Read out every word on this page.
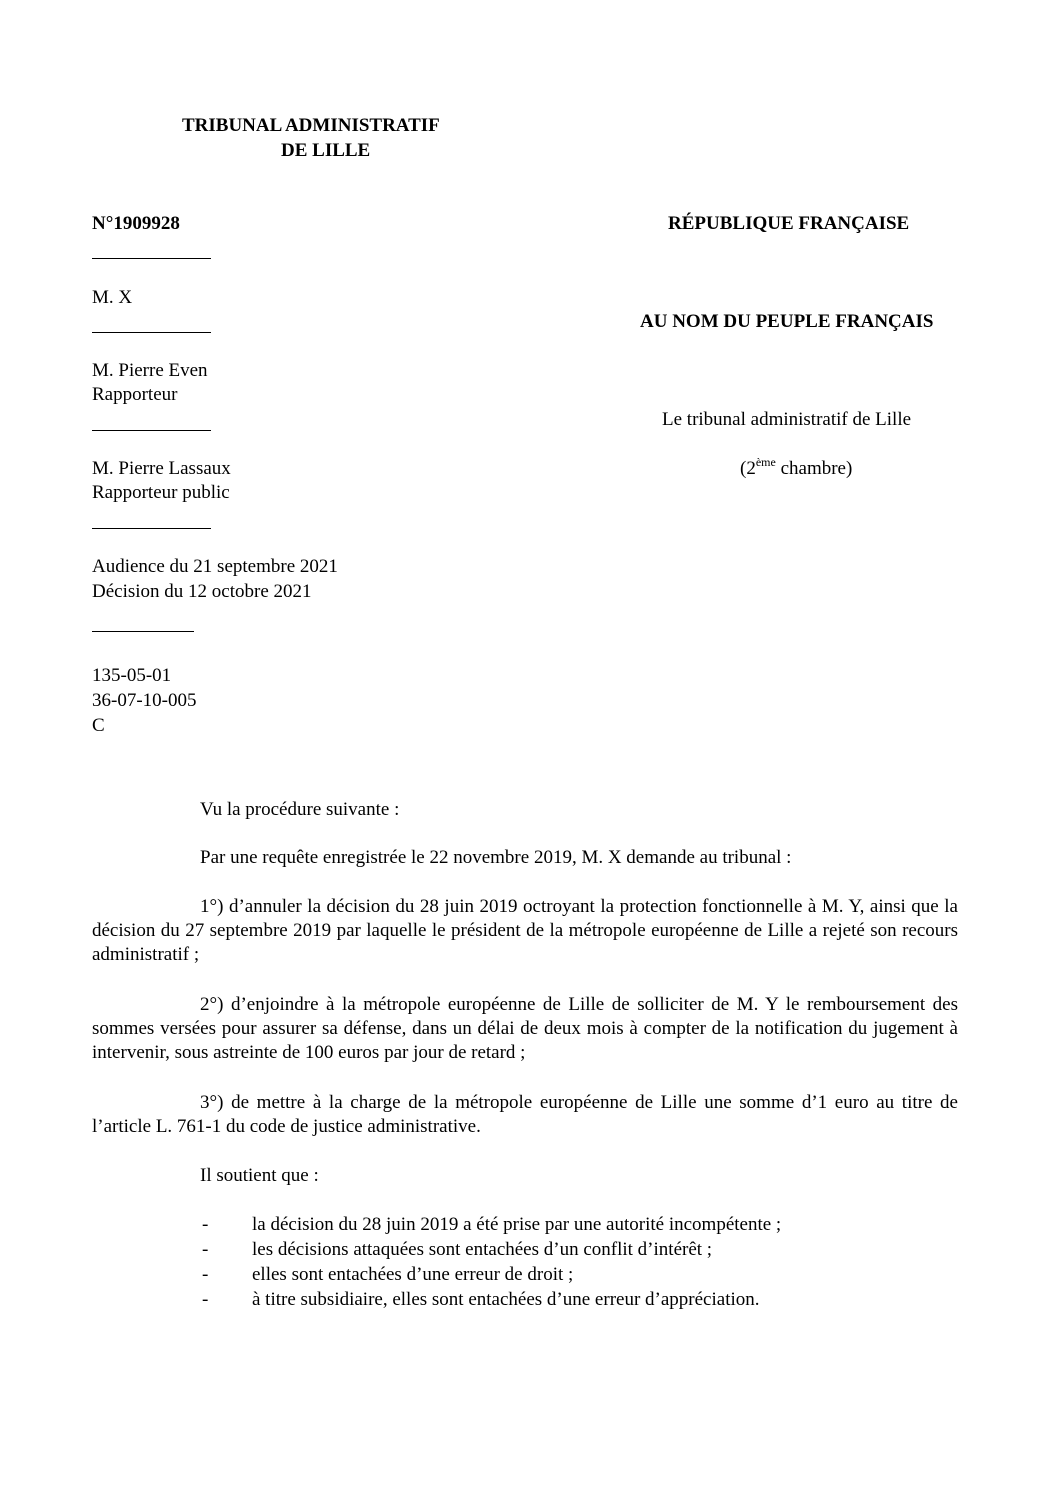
TRIBUNAL ADMINISTRATIF
DE LILLE
N°1909928	RÉPUBLIQUE FRANÇAISE
M. X
AU NOM DU PEUPLE FRANÇAIS
M. Pierre Even
Rapporteur
Le tribunal administratif de Lille
M. Pierre Lassaux
Rapporteur public
(2ème chambre)
Audience du 21 septembre 2021
Décision du 12 octobre 2021
135-05-01
36-07-10-005
C
Vu la procédure suivante :
Par une requête enregistrée le 22 novembre 2019, M. X demande au tribunal :
1°) d’annuler la décision du 28 juin 2019 octroyant la protection fonctionnelle à M. Y, ainsi que la décision du 27 septembre 2019 par laquelle le président de la métropole européenne de Lille a rejeté son recours administratif ;
2°) d’enjoindre à la métropole européenne de Lille de solliciter de M. Y le remboursement des sommes versées pour assurer sa défense, dans un délai de deux mois à compter de la notification du jugement à intervenir, sous astreinte de 100 euros par jour de retard ;
3°) de mettre à la charge de la métropole européenne de Lille une somme d’1 euro au titre de l’article L. 761-1 du code de justice administrative.
Il soutient que :
- la décision du 28 juin 2019 a été prise par une autorité incompétente ;
- les décisions attaquées sont entachées d’un conflit d’intérêt ;
- elles sont entachées d’une erreur de droit ;
- à titre subsidiaire, elles sont entachées d’une erreur d’appréciation.
